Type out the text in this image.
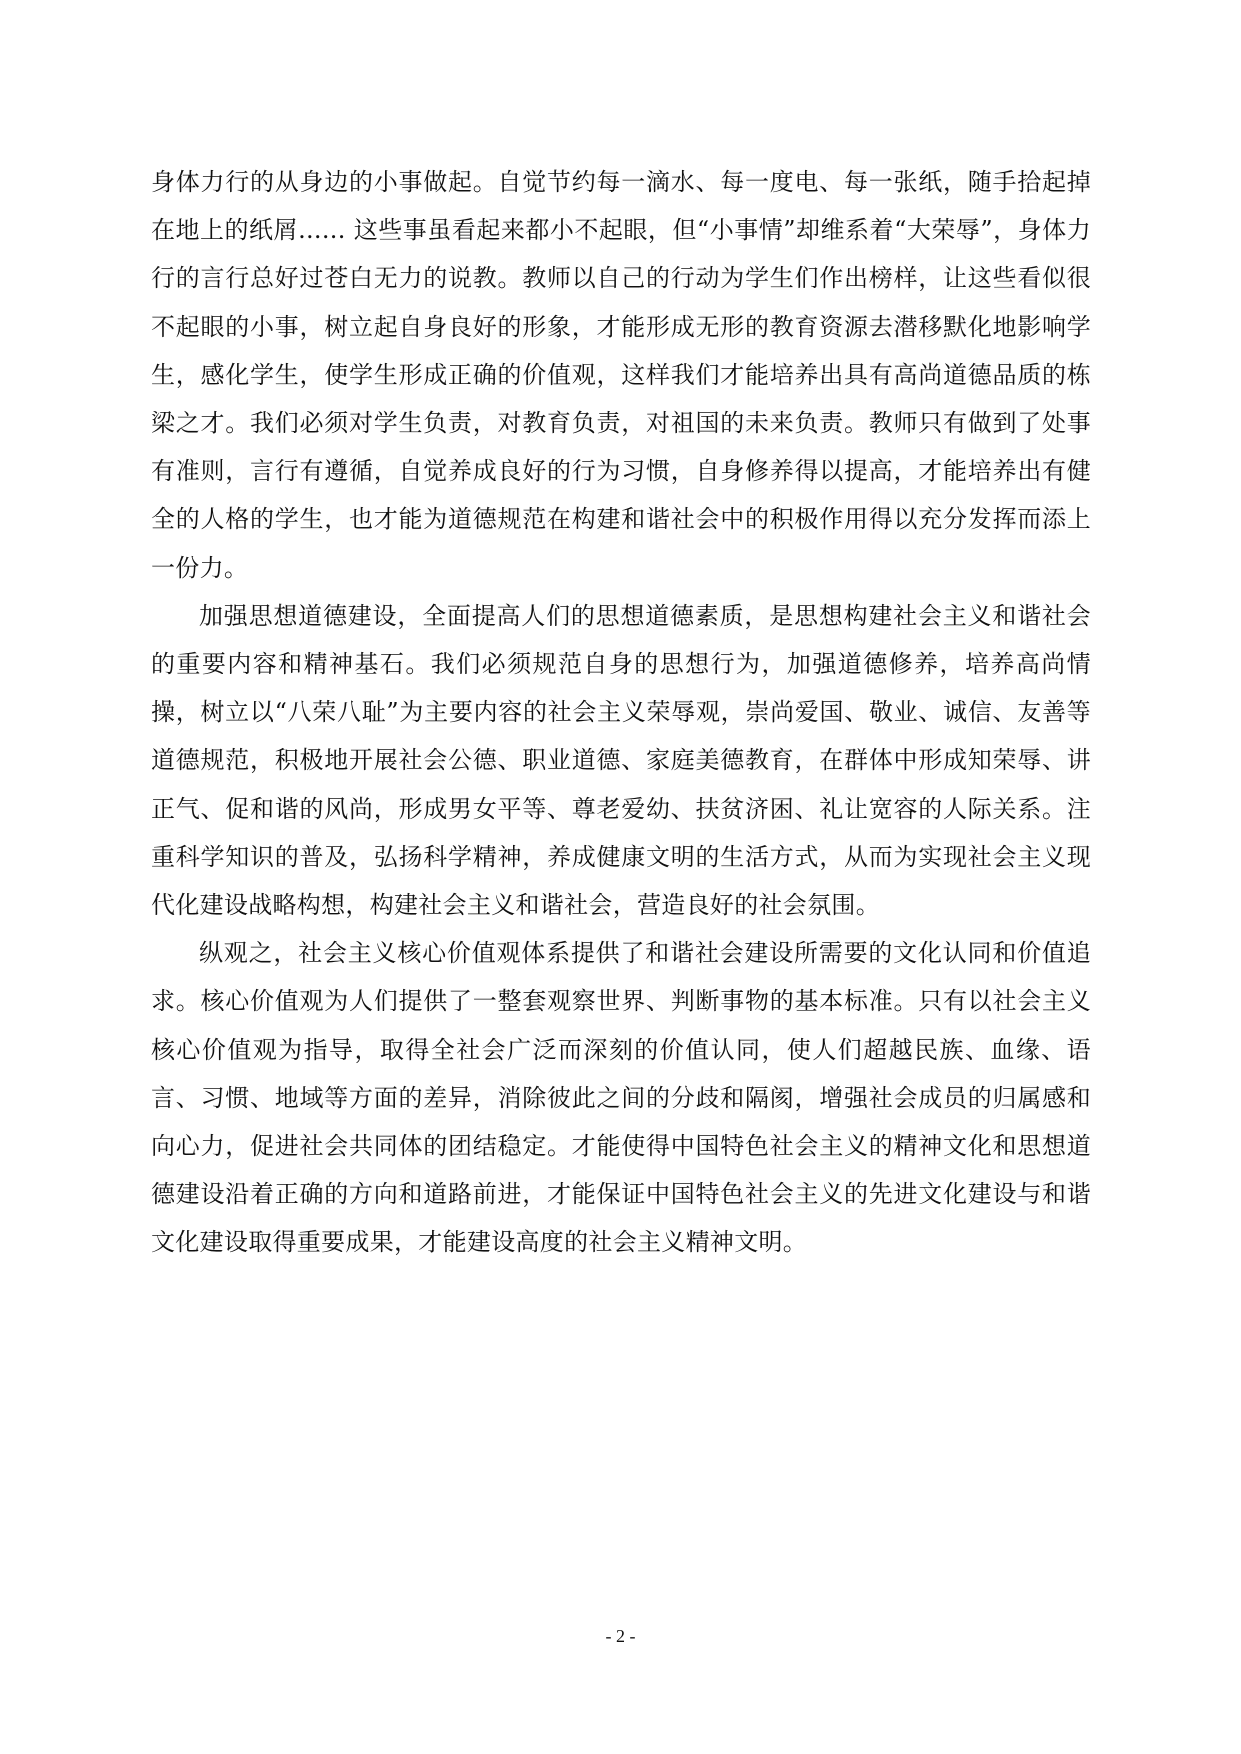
身体力行的从身边的小事做起。自觉节约每一滴水、每一度电、每一张纸，随手拾起掉在地上的纸屑...... 这些事虽看起来都小不起眼，但“小事情”却维系着“大荣辱”，身体力行的言行总好过苍白无力的说教。教师以自己的行动为学生们作出榜样，让这些看似很不起眼的小事，树立起自身良好的形象，才能形成无形的教育资源去潜移默化地影响学生，感化学生，使学生形成正确的价值观，这样我们才能培养出具有高尚道德品质的栋梁之才。我们必须对学生负责，对教育负责，对祖国的未来负责。教师只有做到了处事有准则，言行有遵循，自觉养成良好的行为习惯，自身修养得以提高，才能培养出有健全的人格的学生，也才能为道德规范在构建和谐社会中的积极作用得以充分发挥而添上一份力。

加强思想道德建设，全面提高人们的思想道德素质，是思想构建社会主义和谐社会的重要内容和精神基石。我们必须规范自身的思想行为，加强道德修养，培养高尚情操，树立以“八荣八耻”为主要内容的社会主义荣辱观，崇尚爱国、敬业、诚信、友善等道德规范，积极地开展社会公德、职业道德、家庭美德教育，在群体中形成知荣辱、讲正气、促和谐的风尚，形成男女平等、尊老爱幼、扶贫济困、礼让宽容的人际关系。注重科学知识的普及，弘扬科学精神，养成健康文明的生活方式，从而为实现社会主义现代化建设战略构想，构建社会主义和谐社会，营造良好的社会氛围。

纵观之，社会主义核心价值观体系提供了和谐社会建设所需要的文化认同和价值追求。核心价值观为人们提供了一整套观察世界、判断事物的基本标准。只有以社会主义核心价值观为指导，取得全社会广泛而深刻的价值认同，使人们超越民族、血缘、语言、习惯、地域等方面的差异，消除彼此之间的分歧和隔阂，增强社会成员的归属感和向心力，促进社会共同体的团结稳定。才能使得中国特色社会主义的精神文化和思想道德建设沿着正确的方向和道路前进，才能保证中国特色社会主义的先进文化建设与和谐文化建设取得重要成果，才能建设高度的社会主义精神文明。

- 2 -
